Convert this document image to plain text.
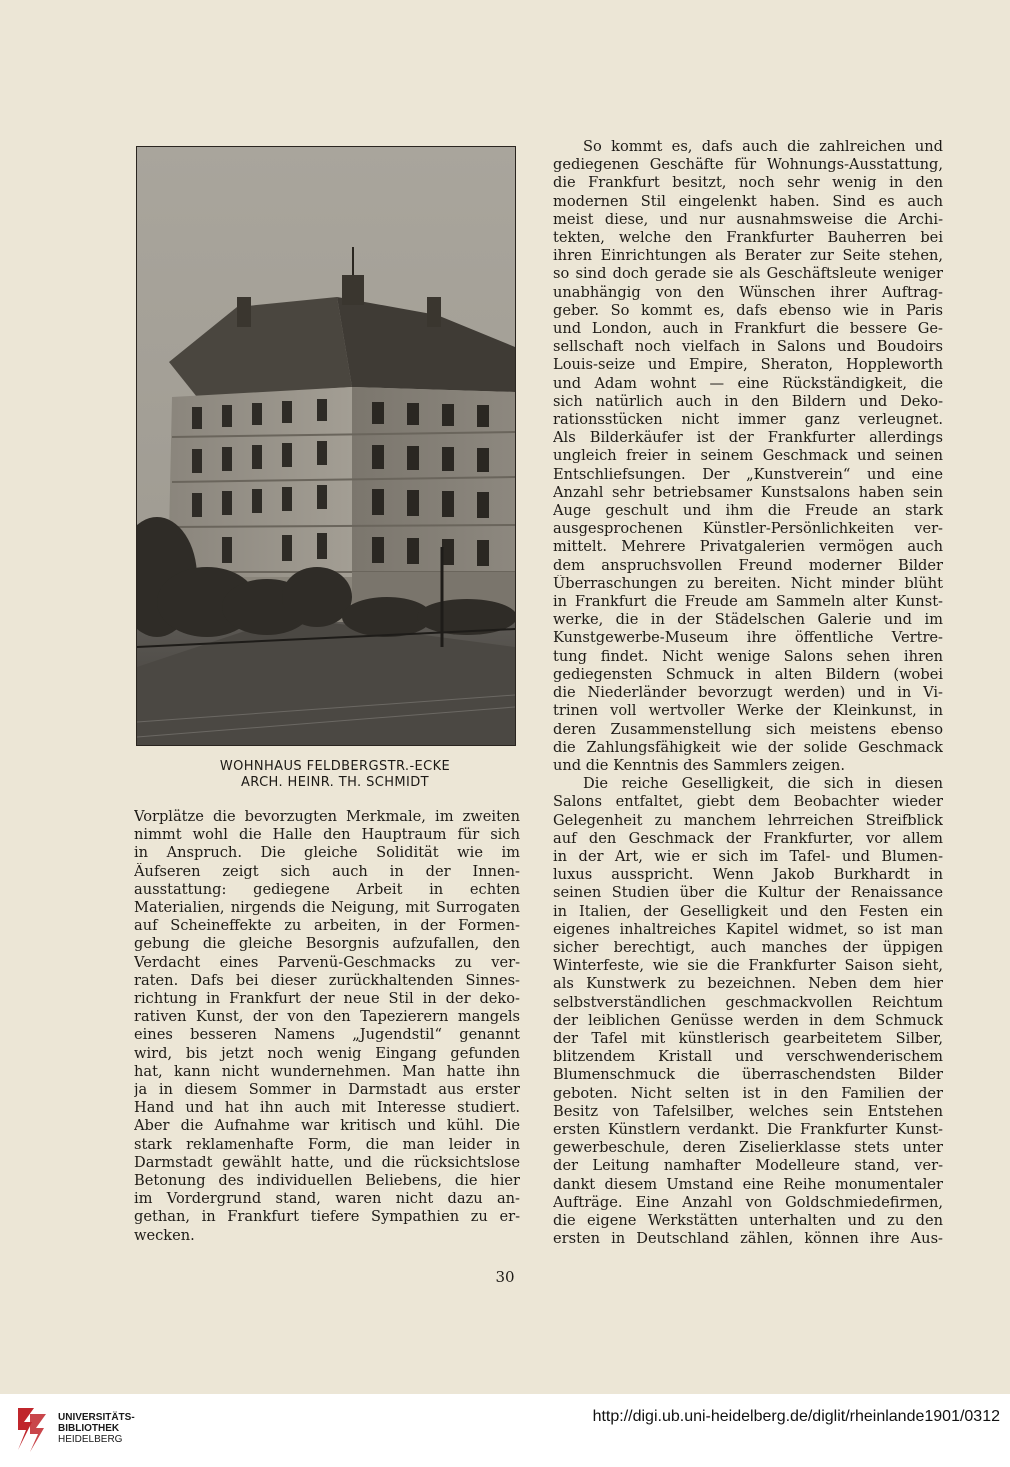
WOHNHAUS FELDBERGSTR.-ECKE
ARCH. HEINR. TH. SCHMIDT
Vorplätze die bevorzugten Merkmale, im zweiten
nimmt wohl die Halle den Hauptraum für sich
in Anspruch. Die gleiche Solidität wie im
Äufseren zeigt sich auch in der Innen-
ausstattung: gediegene Arbeit in echten
Materialien, nirgends die Neigung, mit Surrogaten
auf Scheineffekte zu arbeiten, in der Formen-
gebung die gleiche Besorgnis aufzufallen, den
Verdacht eines Parvenü-Geschmacks zu ver-
raten. Dafs bei dieser zurückhaltenden Sinnes-
richtung in Frankfurt der neue Stil in der deko-
rativen Kunst, der von den Tapezierern mangels
eines besseren Namens „Jugendstil“ genannt
wird, bis jetzt noch wenig Eingang gefunden
hat, kann nicht wundernehmen. Man hatte ihn
ja in diesem Sommer in Darmstadt aus erster
Hand und hat ihn auch mit Interesse studiert.
Aber die Aufnahme war kritisch und kühl. Die
stark reklamenhafte Form, die man leider in
Darmstadt gewählt hatte, und die rücksichtslose
Betonung des individuellen Beliebens, die hier
im Vordergrund stand, waren nicht dazu an-
gethan, in Frankfurt tiefere Sympathien zu er-
wecken.
So kommt es, dafs auch die zahlreichen und
gediegenen Geschäfte für Wohnungs-Ausstattung,
die Frankfurt besitzt, noch sehr wenig in den
modernen Stil eingelenkt haben. Sind es auch
meist diese, und nur ausnahmsweise die Archi-
tekten, welche den Frankfurter Bauherren bei
ihren Einrichtungen als Berater zur Seite stehen,
so sind doch gerade sie als Geschäftsleute weniger
unabhängig von den Wünschen ihrer Auftrag-
geber. So kommt es, dafs ebenso wie in Paris
und London, auch in Frankfurt die bessere Ge-
sellschaft noch vielfach in Salons und Boudoirs
Louis-seize und Empire, Sheraton, Hoppleworth
und Adam wohnt — eine Rückständigkeit, die
sich natürlich auch in den Bildern und Deko-
rationsstücken nicht immer ganz verleugnet.
Als Bilderkäufer ist der Frankfurter allerdings
ungleich freier in seinem Geschmack und seinen
Entschliefsungen. Der „Kunstverein“ und eine
Anzahl sehr betriebsamer Kunstsalons haben sein
Auge geschult und ihm die Freude an stark
ausgesprochenen Künstler-Persönlichkeiten ver-
mittelt. Mehrere Privatgalerien vermögen auch
dem anspruchsvollen Freund moderner Bilder
Überraschungen zu bereiten. Nicht minder blüht
in Frankfurt die Freude am Sammeln alter Kunst-
werke, die in der Städelschen Galerie und im
Kunstgewerbe-Museum ihre öffentliche Vertre-
tung findet. Nicht wenige Salons sehen ihren
gediegensten Schmuck in alten Bildern (wobei
die Niederländer bevorzugt werden) und in Vi-
trinen voll wertvoller Werke der Kleinkunst, in
deren Zusammenstellung sich meistens ebenso
die Zahlungsfähigkeit wie der solide Geschmack
und die Kenntnis des Sammlers zeigen.
Die reiche Geselligkeit, die sich in diesen
Salons entfaltet, giebt dem Beobachter wieder
Gelegenheit zu manchem lehrreichen Streifblick
auf den Geschmack der Frankfurter, vor allem
in der Art, wie er sich im Tafel- und Blumen-
luxus ausspricht. Wenn Jakob Burkhardt in
seinen Studien über die Kultur der Renaissance
in Italien, der Geselligkeit und den Festen ein
eigenes inhaltreiches Kapitel widmet, so ist man
sicher berechtigt, auch manches der üppigen
Winterfeste, wie sie die Frankfurter Saison sieht,
als Kunstwerk zu bezeichnen. Neben dem hier
selbstverständlichen geschmackvollen Reichtum
der leiblichen Genüsse werden in dem Schmuck
der Tafel mit künstlerisch gearbeitetem Silber,
blitzendem Kristall und verschwenderischem
Blumenschmuck die überraschendsten Bilder
geboten. Nicht selten ist in den Familien der
Besitz von Tafelsilber, welches sein Entstehen
ersten Künstlern verdankt. Die Frankfurter Kunst-
gewerbeschule, deren Ziselierklasse stets unter
der Leitung namhafter Modelleure stand, ver-
dankt diesem Umstand eine Reihe monumentaler
Aufträge. Eine Anzahl von Goldschmiedefirmen,
die eigene Werkstätten unterhalten und zu den
ersten in Deutschland zählen, können ihre Aus-
30
UNIVERSITÄTS-
BIBLIOTHEK
HEIDELBERG
http://digi.ub.uni-heidelberg.de/diglit/rheinlande1901/0312
